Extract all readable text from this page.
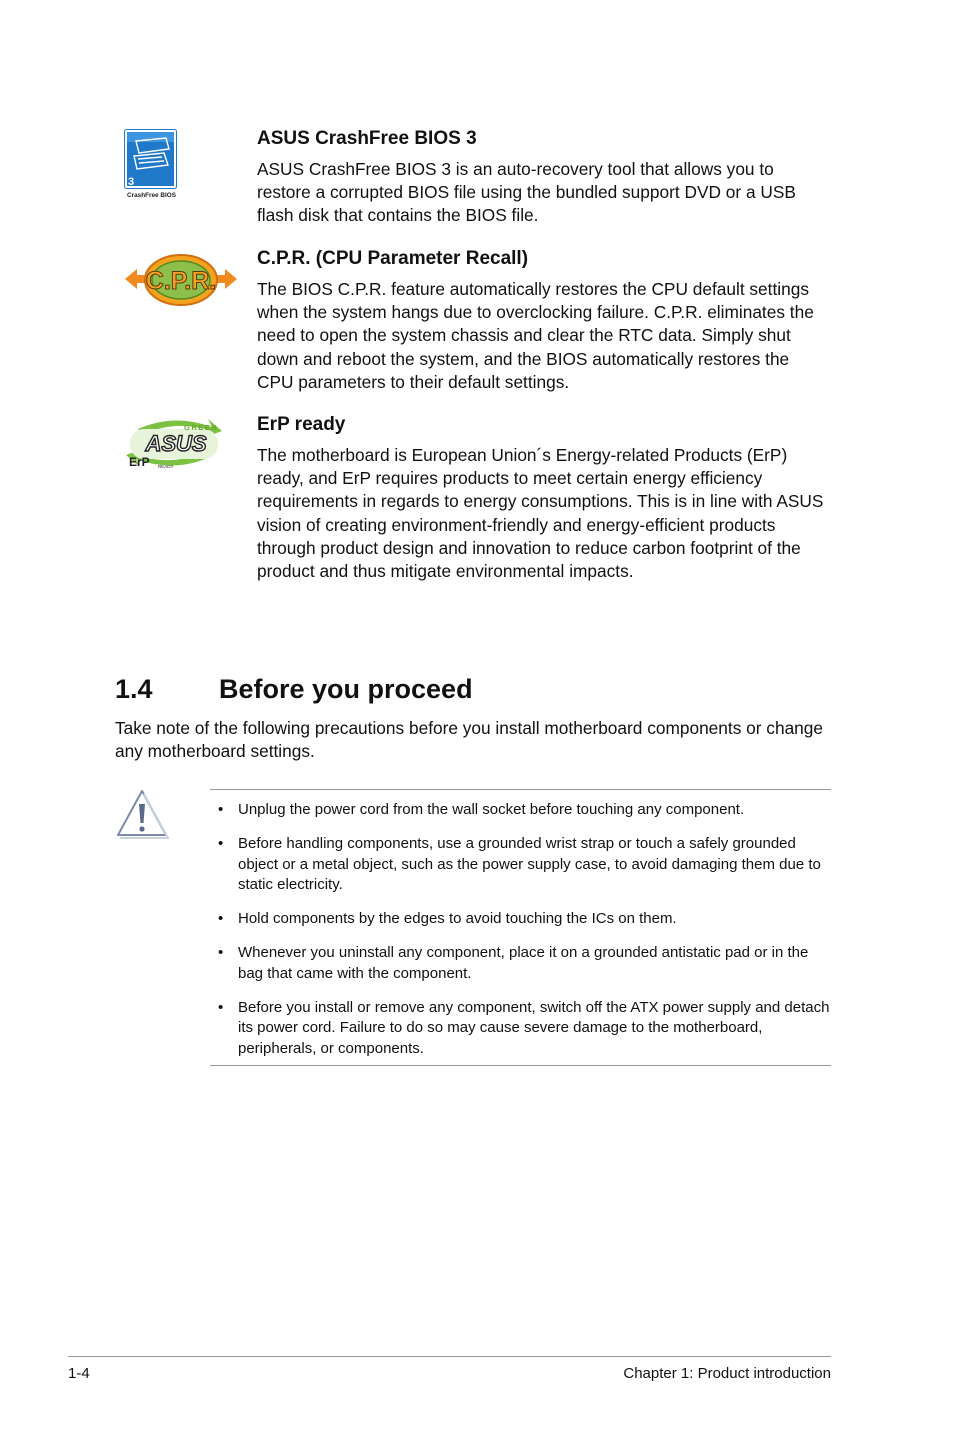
3
CrashFree BIOS 3
ASUS CrashFree BIOS 3
ASUS CrashFree BIOS 3 is an auto-recovery tool that allows you to restore a corrupted BIOS file using the bundled support DVD or a USB flash disk that contains the BIOS file.
C.P.R.
C.P.R. (CPU Parameter Recall)
The BIOS C.P.R. feature automatically restores the CPU default settings when the system hangs due to overclocking failure. C.P.R. eliminates the need to open the system chassis and clear the RTC data. Simply shut down and reboot the system, and the BIOS automatically restores the CPU parameters to their default settings.
GREEN
ASUS
ErP READY
ErP ready
The motherboard is European Union´s Energy-related Products (ErP) ready, and ErP requires products to meet certain energy efficiency requirements in regards to energy consumptions. This is in line with ASUS vision of creating environment-friendly and energy-efficient products through product design and innovation to reduce carbon footprint of the product and thus mitigate environmental impacts.
1.4 Before you proceed
Take note of the following precautions before you install motherboard components or change any motherboard settings.
• Unplug the power cord from the wall socket before touching any component.
• Before handling components, use a grounded wrist strap or touch a safely grounded object or a metal object, such as the power supply case, to avoid damaging them due to static electricity.
• Hold components by the edges to avoid touching the ICs on them.
• Whenever you uninstall any component, place it on a grounded antistatic pad or in the bag that came with the component.
• Before you install or remove any component, switch off the ATX power supply and detach its power cord. Failure to do so may cause severe damage to the motherboard, peripherals, or components.
1-4	Chapter 1: Product introduction
